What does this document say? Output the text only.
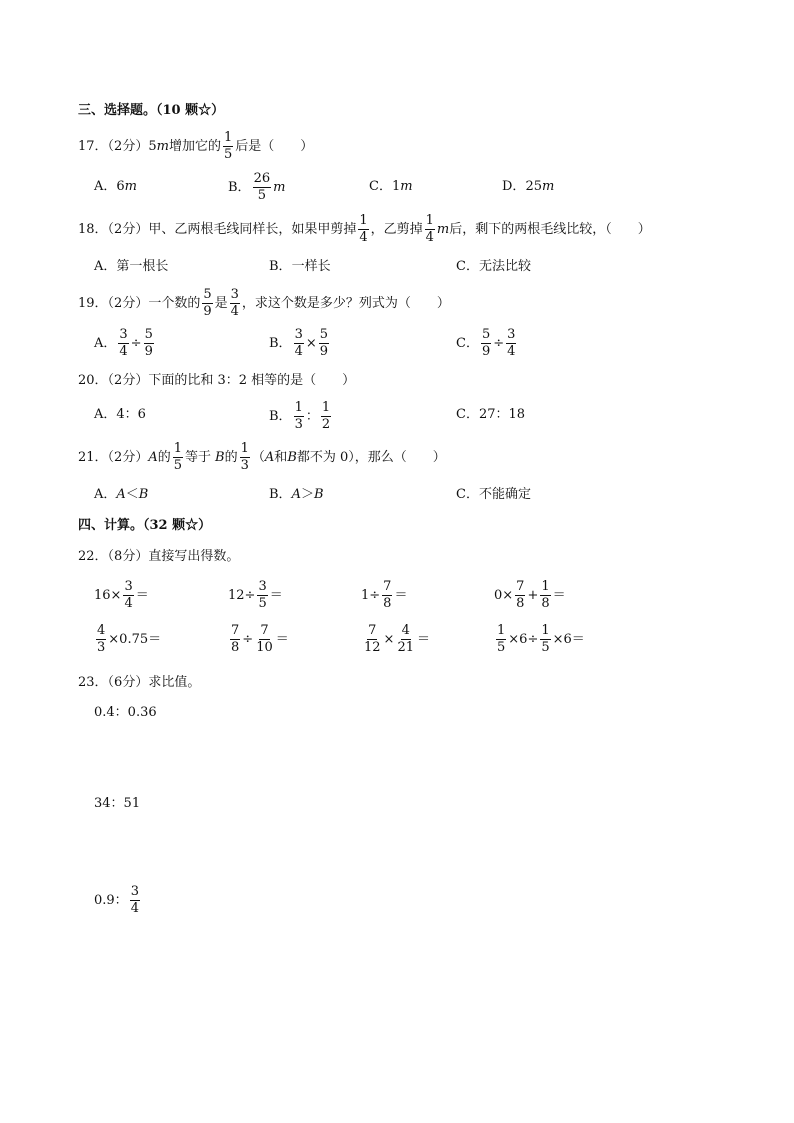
三、选择题。（10 颗☆）
17．（2分） 5 m 增加它的 $\frac{1}{5}$ 后是（　　）
A． 6 m	B． $\frac{26}{5}$ m	C． 1 m	D． 25 m
18．（2分） 甲、乙两根毛线同样长，如果甲剪掉 $\frac{1}{4}$ ，乙剪掉 $\frac{1}{4}$ m 后，剩下的两根毛线比较，（　　）
A．第一根长	B．一样长	C．无法比较
19．（2分） 一个数的 $\frac{5}{9}$ 是 $\frac{3}{4}$ ，求这个数是多少？列式为（　　）
A． $\frac{3}{4} \div \frac{5}{9}$	B． $\frac{3}{4} \times \frac{5}{9}$	C． $\frac{5}{9} \div \frac{3}{4}$
20．（2分）下面的比和 3：2 相等的是（　　）
A．4：6	B． $\frac{1}{3}$ ： $\frac{1}{2}$	C．27：18
21．（2分） A 的 $\frac{1}{5}$ 等于 B 的 $\frac{1}{3}$ （ A 和 B 都不为 0），那么（　　）
A．A＜B	B．A＞B	C．不能确定
四、计算。（32 颗☆）
22．（8分）直接写出得数。
$16\times \frac{3}{4}$ ＝	$12\div \frac{3}{5}$ ＝	$1\div \frac{7}{8}$ ＝	$0\times \frac{7}{8} + \frac{1}{8}$ ＝
$\frac{4}{3} \times 0.75=$	$\frac{7}{8} \div \frac{7}{10}$ ＝	$\frac{7}{12} \times \frac{4}{21}$ ＝	$\frac{1}{5} \times 6\div \frac{1}{5} \times 6=$
23．（6分）求比值。
0.4：0.36
34：51
0.9： $\frac{3}{4}$
